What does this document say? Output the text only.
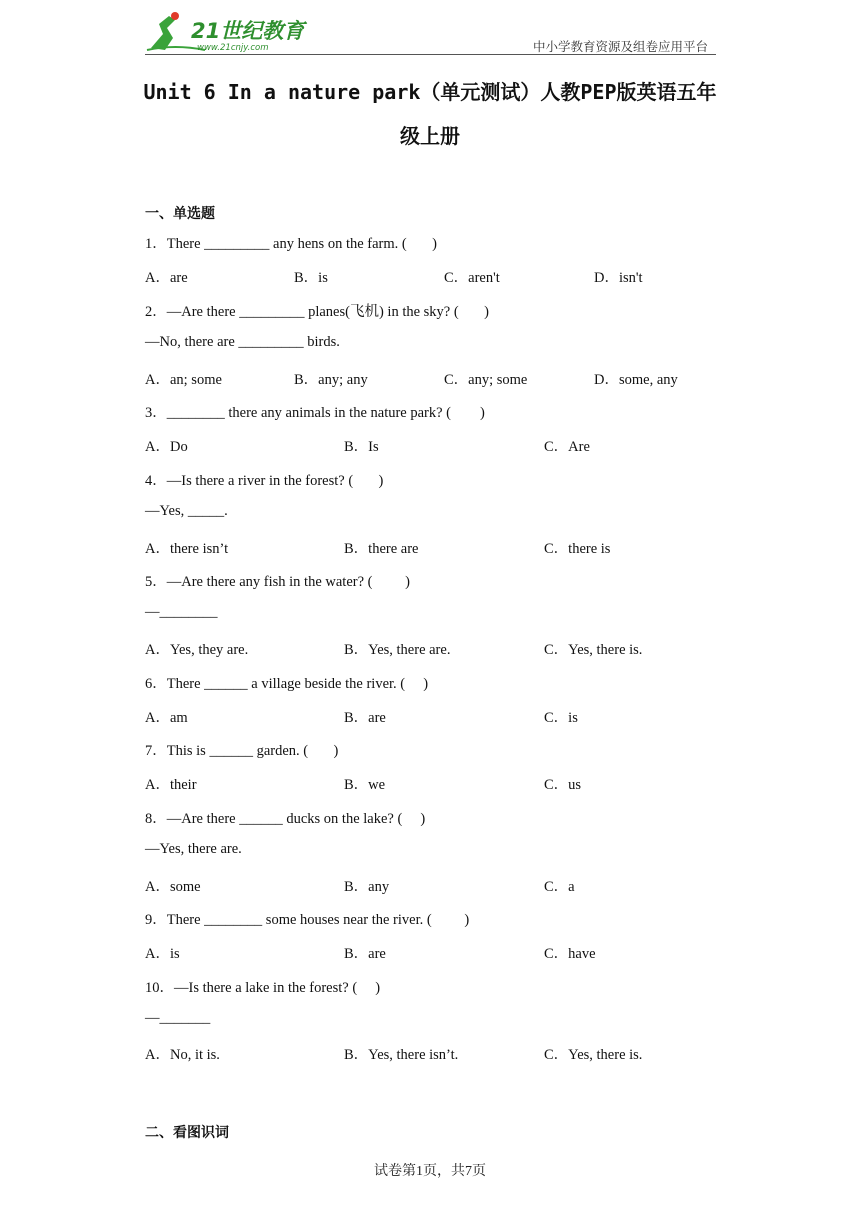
21世纪教育
www.21cnjy.com	中小学教育资源及组卷应用平台
Unit 6 In a nature park（单元测试）人教PEP版英语五年
级上册
一、单选题
1．There _________ any hens on the farm. (       )
A．are	B．is	C．aren't	D．isn't
2．—Are there _________ planes(飞机) in the sky? (       )
—No, there are _________ birds.
A．an; some	B．any; any	C．any; some	D．some, any
3．________ there any animals in the nature park? (        )
A．Do	B．Is	C．Are
4．—Is there a river in the forest? (       )
—Yes, _____.
A．there isn’t	B．there are	C．there is
5．—Are there any fish in the water? (         )
—________
A．Yes, they are.	B．Yes, there are.	C．Yes, there is.
6．There ______ a village beside the river. (     )
A．am	B．are	C．is
7．This is ______ garden. (       )
A．their	B．we	C．us
8．—Are there ______ ducks on the lake? (     )
—Yes, there are.
A．some	B．any	C．a
9．There ________ some houses near the river. (         )
A．is	B．are	C．have
10．—Is there a lake in the forest? (     )
—_______
A．No, it is.	B．Yes, there isn’t.	C．Yes, there is.
二、看图识词
试卷第1页，共7页
